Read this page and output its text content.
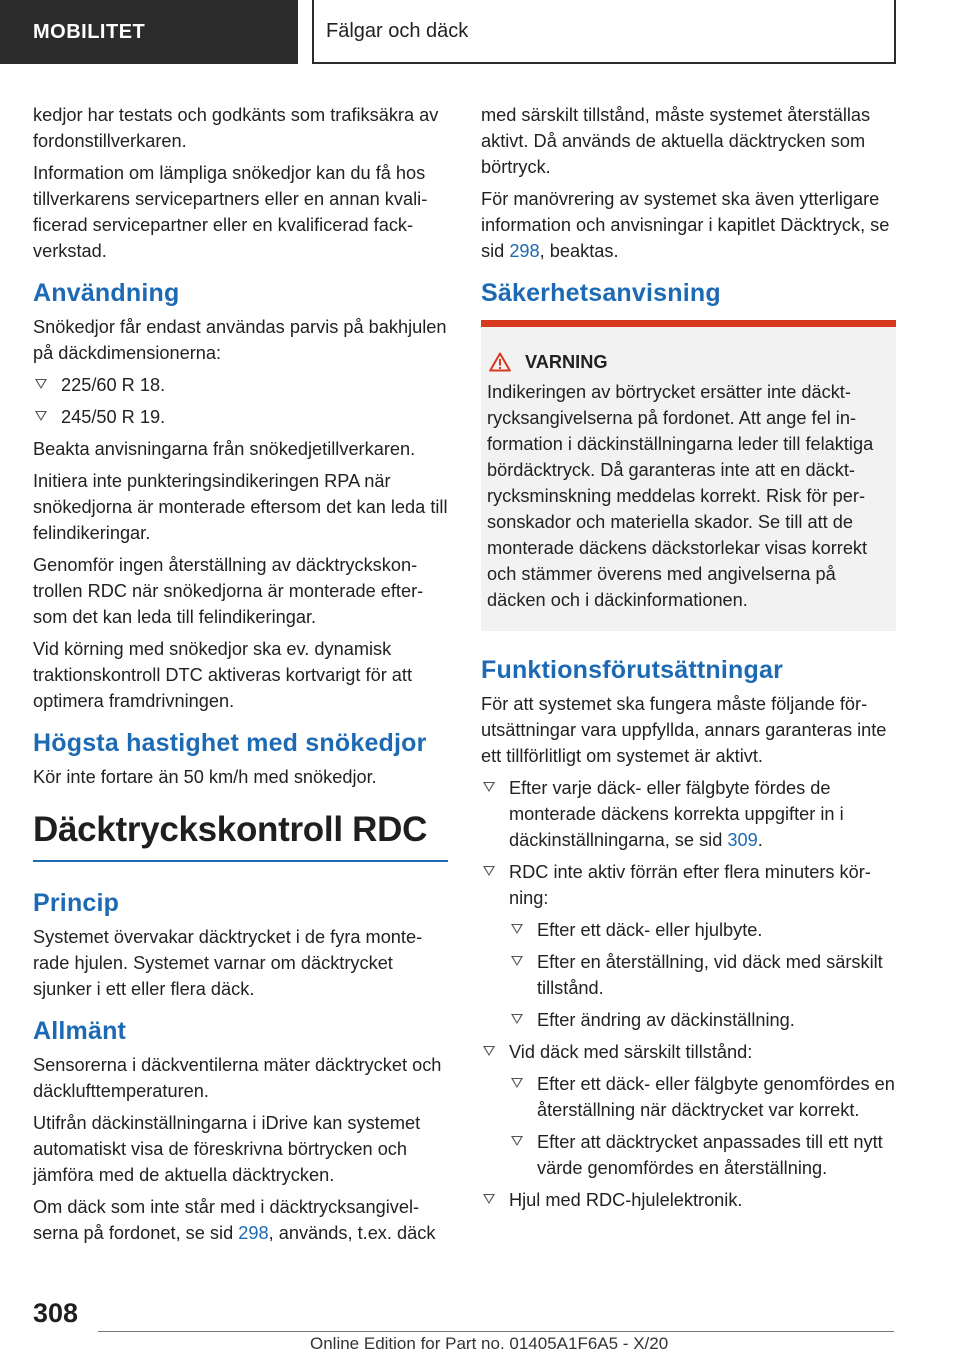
MOBILITET	Fälgar och däck

kedjor har testats och godkänts som trafiksäkra av fordonstillverkaren.

Information om lämpliga snökedjor kan du få hos tillverkarens servicepartners eller en annan kvalificerad servicepartner eller en kvalificerad fackverkstad.

Användning

Snökedjor får endast användas parvis på bakhjulen på däckdimensionerna:

225/60 R 18.
245/50 R 19.

Beakta anvisningarna från snökedjetillverkaren.

Initiera inte punkteringsindikeringen RPA när snökedjorna är monterade eftersom det kan leda till felindikeringar.

Genomför ingen återställning av däcktryckskontrollen RDC när snökedjorna är monterade eftersom det kan leda till felindikeringar.

Vid körning med snökedjor ska ev. dynamisk traktionskontroll DTC aktiveras kortvarigt för att optimera framdrivningen.

Högsta hastighet med snökedjor

Kör inte fortare än 50 km/h med snökedjor.

Däcktryckskontroll RDC
Princip

Systemet övervakar däcktrycket i de fyra monterade hjulen. Systemet varnar om däcktrycket sjunker i ett eller flera däck.

Allmänt

Sensorerna i däckventilerna mäter däcktrycket och däcklufttemperaturen.

Utifrån däckinställningarna i iDrive kan systemet automatiskt visa de föreskrivna börtrycken och jämföra med de aktuella däcktrycken.

Om däck som inte står med i däcktrycksangivelserna på fordonet, se sid 298, används, t.ex. däck

med särskilt tillstånd, måste systemet återställas aktivt. Då används de aktuella däcktrycken som börtryck.

För manövrering av systemet ska även ytterligare information och anvisningar i kapitlet Däcktryck, se sid 298, beaktas.

Säkerhetsanvisning
VARNING
Indikeringen av börtrycket ersätter inte däcktrycksangivelserna på fordonet. Att ange fel information i däckinställningarna leder till felaktiga bördäcktryck. Då garanteras inte att en däcktrycksminskning meddelas korrekt. Risk för personskador och materiella skador. Se till att de monterade däckens däckstorlekar visas korrekt och stämmer överens med angivelserna på däcken och i däckinformationen.
Funktionsförutsättningar

För att systemet ska fungera måste följande förutsättningar vara uppfyllda, annars garanteras inte ett tillförlitligt om systemet är aktivt.

Efter varje däck- eller fälgbyte fördes de monterade däckens korrekta uppgifter in i däckinställningarna, se sid 309.
RDC inte aktiv förrän efter flera minuters körning:
Efter ett däck- eller hjulbyte.
Efter en återställning, vid däck med särskilt tillstånd.
Efter ändring av däckinställning.
Vid däck med särskilt tillstånd:
Efter ett däck- eller fälgbyte genomfördes en återställning när däcktrycket var korrekt.
Efter att däcktrycket anpassades till ett nytt värde genomfördes en återställning.
Hjul med RDC-hjulelektronik.
308
Online Edition for Part no. 01405A1F6A5 - X/20
